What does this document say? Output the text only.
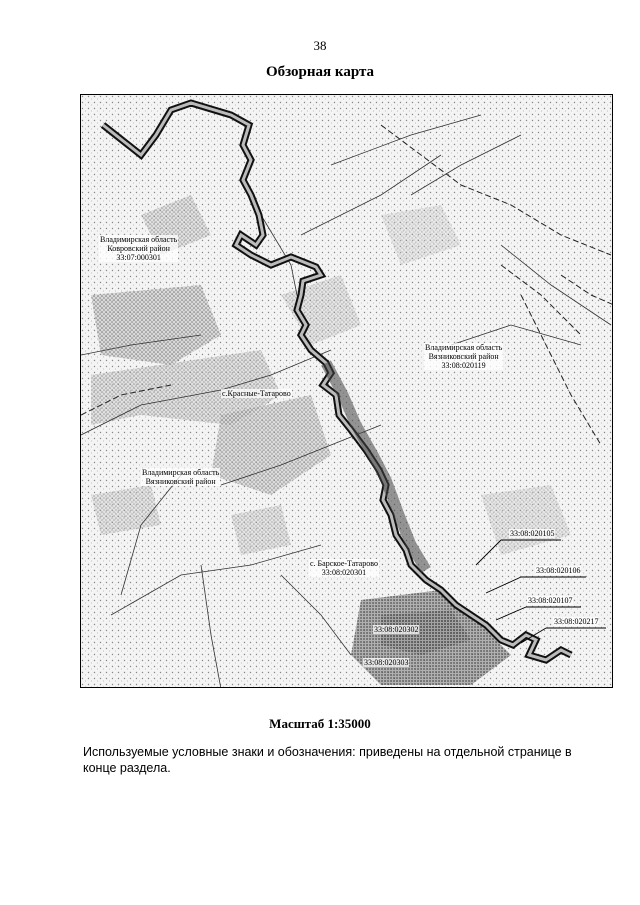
38
Обзорная карта
Владимирская область
Ковровский район
33:07:000301
Владимирская область
Вязниковский район
33:08:020119
с.Красные-Татарово
Владимирская область
Вязниковский район
с. Барское-Татарово
33:08:020301
33:08:020105
33:08:020106
33:08:020107
33:08:020217
33:08:020302
33:08:020303
Масштаб 1:35000
Используемые условные знаки и обозначения: приведены на отдельной странице в конце раздела.
